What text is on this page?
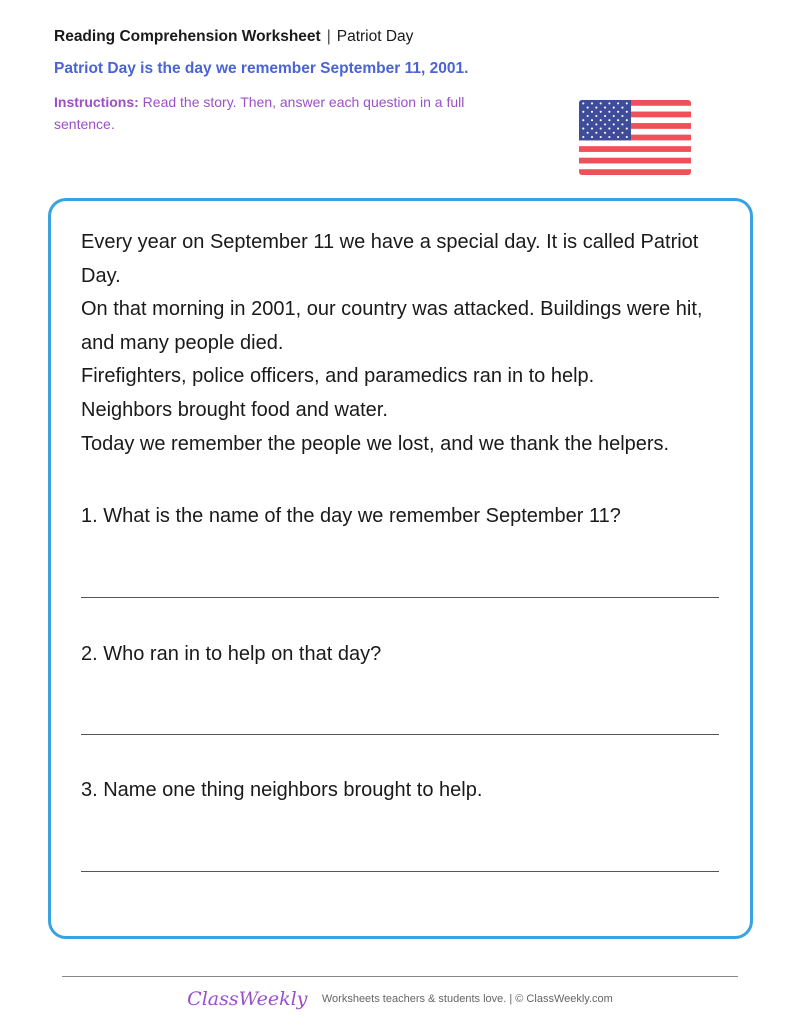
Reading Comprehension Worksheet | Patriot Day
Patriot Day is the day we remember September 11, 2001.
Instructions: Read the story. Then, answer each question in a full sentence.

Every year on September 11 we have a special day. It is called Patriot Day.

On that morning in 2001, our country was attacked. Buildings were hit, and many people died.

Firefighters, police officers, and paramedics ran in to help.

Neighbors brought food and water.

Today we remember the people we lost, and we thank the helpers.

1. What is the name of the day we remember September 11?
2. Who ran in to help on that day?
3. Name one thing neighbors brought to help.
ClassWeekly Worksheets teachers & students love. | © ClassWeekly.com
